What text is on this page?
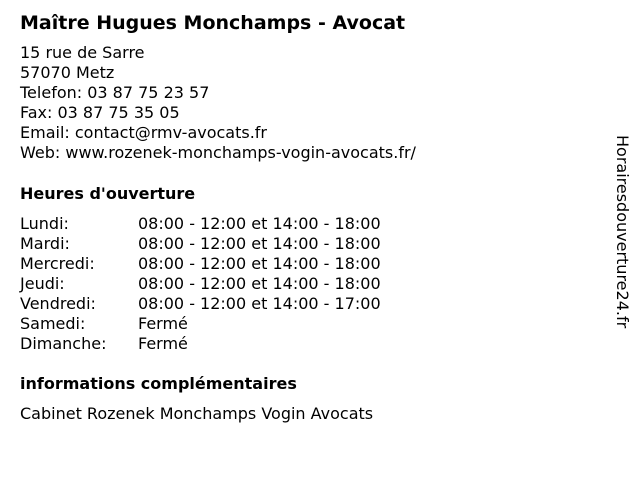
Maître Hugues Monchamps - Avocat
15 rue de Sarre
57070 Metz
Telefon: 03 87 75 23 57
Fax: 03 87 75 35 05
Email: contact@rmv-avocats.fr
Web: www.rozenek-monchamps-vogin-avocats.fr/
Heures d'ouverture
Lundi:	08:00 - 12:00 et 14:00 - 18:00
Mardi:	08:00 - 12:00 et 14:00 - 18:00
Mercredi:	08:00 - 12:00 et 14:00 - 18:00
Jeudi:	08:00 - 12:00 et 14:00 - 18:00
Vendredi:	08:00 - 12:00 et 14:00 - 17:00
Samedi:	Fermé
Dimanche: Fermé
informations complémentaires
Cabinet Rozenek Monchamps Vogin Avocats
Horairesdouverture24.fr
